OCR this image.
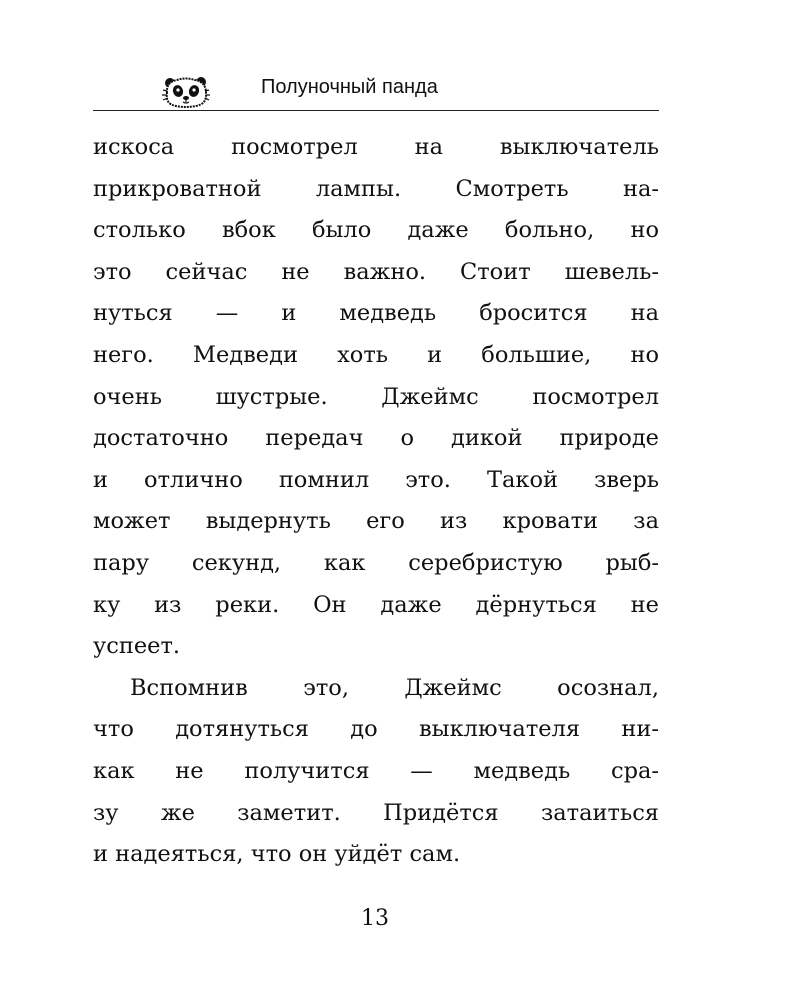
Полуночный панда
искоса посмотрел на выключатель
прикроватной лампы. Смотреть на-
столько вбок было даже больно, но
это сейчас не важно. Стоит шевель-
нуться — и медведь бросится на
него. Медведи хоть и большие, но
очень шустрые. Джеймс посмотрел
достаточно передач о дикой природе
и отлично помнил это. Такой зверь
может выдернуть его из кровати за
пару секунд, как серебристую рыб-
ку из реки. Он даже дёрнуться не
успеет.
Вспомнив это, Джеймс осознал,
что дотянуться до выключателя ни-
как не получится — медведь сра-
зу же заметит. Придётся затаиться
и надеяться, что он уйдёт сам.
13
